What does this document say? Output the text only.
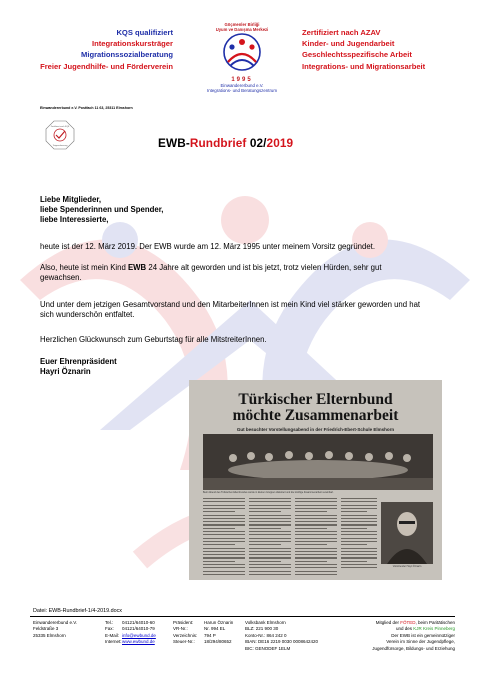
KQS qualifiziert
Integrationskursträger
Migrationssozialberatung
Freier Jugendhilfe- und Förderverein
Göçmenler Birliği
Uyum ve Danışma Merkezi
1995
Einwandererbund e.V.
Integrations- und Beratungszentrum
Zertifiziert nach AZAV
Kinder- und Jugendarbeit
Geschlechtsspezifische Arbeit
Integrations- und Migrationsarbeit
Einwandererbund e.V. Postfach 11 63, 25311 Elmshorn
Zertifiziert nach KQS
Trägerzulassung	EWB-Rundbrief 02/2019
Liebe Mitglieder,
liebe Spenderinnen und Spender,
liebe Interessierte,
heute ist der 12. März 2019. Der EWB wurde am 12. März 1995 unter meinem Vorsitz gegründet.
Also, heute ist mein Kind EWB 24 Jahre alt geworden und ist bis jetzt, trotz vielen Hürden, sehr gut gewachsen.
Und unter dem jetzigen Gesamtvorstand und den MitarbeiterInnen ist mein Kind viel stärker geworden und hat sich wunderschön entfaltet.
Herzlichen Glückwunsch zum Geburtstag für alle MitstreiterInnen.
Euer Ehrenpräsident
Hayri Öznarin
Türkischer Elternbund
möchte Zusammenarbeit
Gut besuchter Vorstellungsabend in der Friedrich-Ebert-Schule Elmshorn
Beim Abend des Türkischen Elternbundes wurde in kleinen Gruppen diskutiert und die künftige Zusammenarbeit vereinbart.
Vorsitzender Hayri Öznarin
Datei: EWB-Rundbrief-1/4-2019.docx
Einwandererbund e.V.
Feldstraße 3
25335 Elmshorn
Tel.:
Fax:
E-Mail:
Internet:
04121/64010-60
04121/64010-79
info@ewbund.de
www.ewbund.de
Präsident:
VR-Nr.:
Verzeichnis:
Steuer-Nr.:
Harun Öznarin
Nr. 994 EL
794 P
18/294/80652
Volksbank Elmshorn
BLZ: 221 900 30
Konto-Nr.: 864 242 0
IBAN: DE16 2219 0030 0008642420
BIC: GENODEF 1ELM
Mitglied der FÖTED, beim Paritätischen
und des KJR Kreis Pinneberg
Der EWB ist ein gemeinnütziger
Verein im Sinne der Jugendpflege,
Jugendfürsorge, Bildungs- und Erziehung
